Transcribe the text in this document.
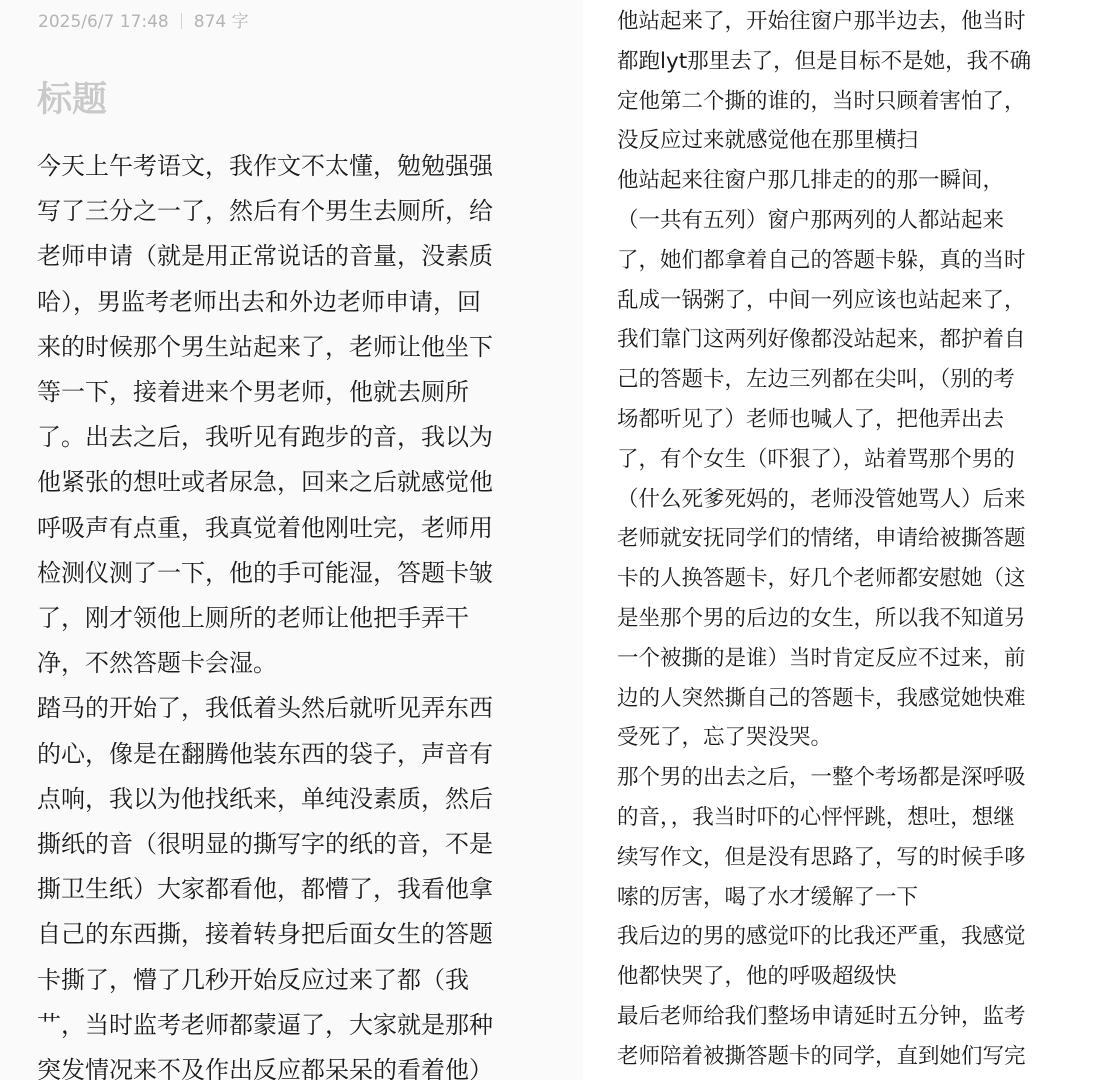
2025/6/7 17:48 874 字
标题
今天上午考语文，我作文不太懂，勉勉强强
写了三分之一了，然后有个男生去厕所，给
老师申请（就是用正常说话的音量，没素质
哈），男监考老师出去和外边老师申请，回
来的时候那个男生站起来了，老师让他坐下
等一下，接着进来个男老师，他就去厕所
了。出去之后，我听见有跑步的音，我以为
他紧张的想吐或者尿急，回来之后就感觉他
呼吸声有点重，我真觉着他刚吐完，老师用
检测仪测了一下，他的手可能湿，答题卡皱
了，刚才领他上厕所的老师让他把手弄干
净，不然答题卡会湿。
踏马的开始了，我低着头然后就听见弄东西
的心，像是在翻腾他装东西的袋子，声音有
点响，我以为他找纸来，单纯没素质，然后
撕纸的音（很明显的撕写字的纸的音，不是
撕卫生纸）大家都看他，都懵了，我看他拿
自己的东西撕，接着转身把后面女生的答题
卡撕了，懵了几秒开始反应过来了都（我
艹，当时监考老师都蒙逼了，大家就是那种
突发情况来不及作出反应都呆呆的看着他）
他站起来了，开始往窗户那半边去，他当时
都跑lyt那里去了，但是目标不是她，我不确
定他第二个撕的谁的，当时只顾着害怕了，
没反应过来就感觉他在那里横扫
他站起来往窗户那几排走的的那一瞬间，
（一共有五列）窗户那两列的人都站起来
了，她们都拿着自己的答题卡躲，真的当时
乱成一锅粥了，中间一列应该也站起来了，
我们靠门这两列好像都没站起来，都护着自
己的答题卡，左边三列都在尖叫，（别的考
场都听见了）老师也喊人了，把他弄出去
了，有个女生（吓狠了），站着骂那个男的
（什么死爹死妈的，老师没管她骂人）后来
老师就安抚同学们的情绪，申请给被撕答题
卡的人换答题卡，好几个老师都安慰她（这
是坐那个男的后边的女生，所以我不知道另
一个被撕的是谁）当时肯定反应不过来，前
边的人突然撕自己的答题卡，我感觉她快难
受死了，忘了哭没哭。
那个男的出去之后，一整个考场都是深呼吸
的音，，我当时吓的心怦怦跳，想吐，想继
续写作文，但是没有思路了，写的时候手哆
嗦的厉害，喝了水才缓解了一下
我后边的男的感觉吓的比我还严重，我感觉
他都快哭了，他的呼吸超级快
最后老师给我们整场申请延时五分钟，监考
老师陪着被撕答题卡的同学，直到她们写完
